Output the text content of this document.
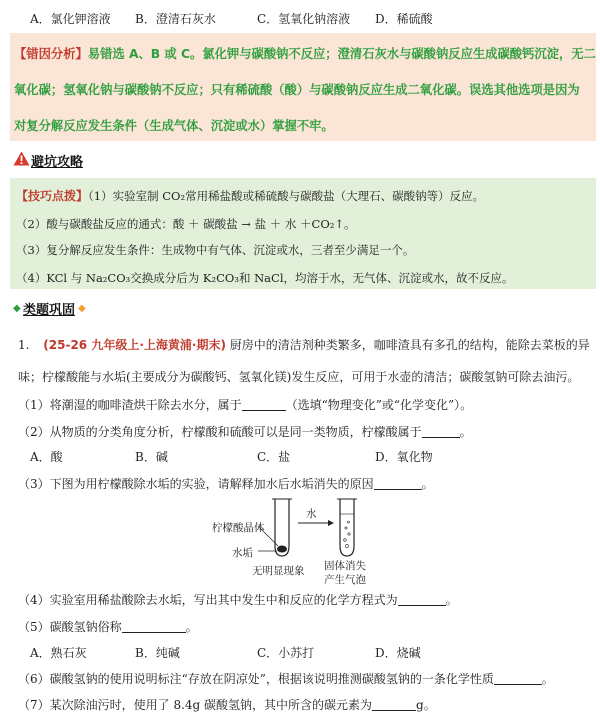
A．氯化钾溶液	B．澄清石灰水	C．氢氧化钠溶液	D．稀硫酸
【错因分析】易错选 A、B 或 C。氯化钾与碳酸钠不反应；澄清石灰水与碳酸钠反应生成碳酸钙沉淀，无二
氧化碳；氢氧化钠与碳酸钠不反应；只有稀硫酸（酸）与碳酸钠反应生成二氧化碳。误选其他选项是因为
对复分解反应发生条件（生成气体、沉淀或水）掌握不牢。
避坑攻略
【技巧点拨】（1）实验室制 CO₂常用稀盐酸或稀硫酸与碳酸盐（大理石、碳酸钠等）反应。
（2）酸与碳酸盐反应的通式：酸 ＋ 碳酸盐 → 盐 ＋ 水 ＋CO₂↑。
（3）复分解反应发生条件：生成物中有气体、沉淀或水，三者至少满足一个。
（4）KCl 与 Na₂CO₃交换成分后为 K₂CO₃和 NaCl，均溶于水，无气体、沉淀或水，故不反应。
◆ 类题巩固 ◆
1. (25-26 九年级上·上海黄浦·期末) 厨房中的清洁剂种类繁多，咖啡渣具有多孔的结构，能除去菜板的异
味；柠檬酸能与水垢(主要成分为碳酸钙、氢氧化镁)发生反应，可用于水壶的清洁；碳酸氢钠可除去油污。
（1）将潮湿的咖啡渣烘干除去水分，属于	（选填“物理变化”或“化学变化”）。
（2）从物质的分类角度分析，柠檬酸和硫酸可以是同一类物质，柠檬酸属于	。
A．酸	B．碱	C．盐	D．氧化物
（3）下图为用柠檬酸除水垢的实验，请解释加水后水垢消失的原因	。
柠檬酸晶体
水垢
水
无明显现象 固体消失
产生气泡
（4）实验室用稀盐酸除去水垢，写出其中发生中和反应的化学方程式为	。
（5）碳酸氢钠俗称	。
A．熟石灰	B．纯碱	C．小苏打	D．烧碱
（6）碳酸氢钠的使用说明标注“存放在阴凉处”，根据该说明推测碳酸氢钠的一条化学性质	。
（7）某次除油污时，使用了 8.4g 碳酸氢钠，其中所含的碳元素为	g。
